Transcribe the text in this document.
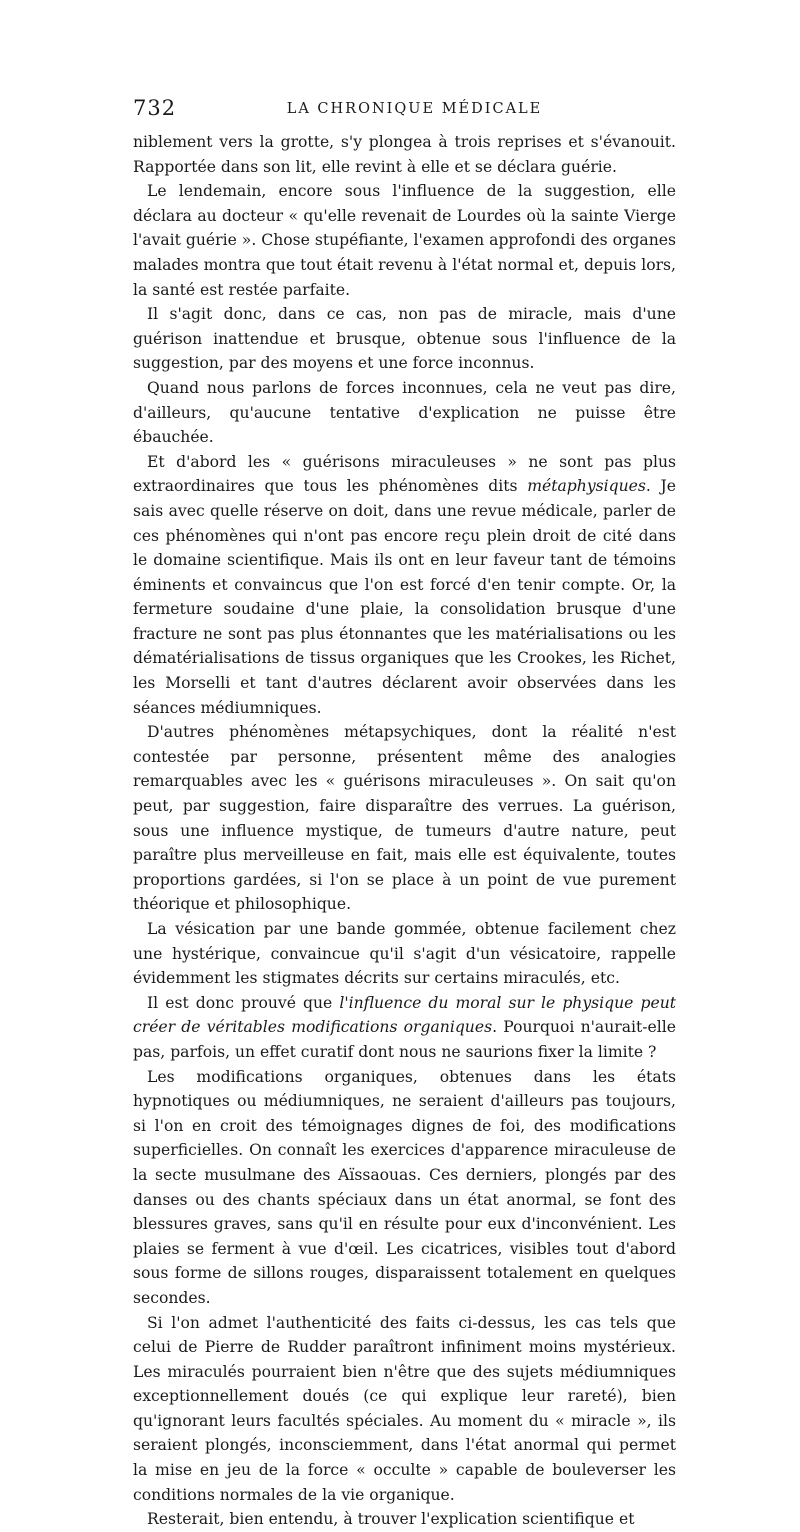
732	LA CHRONIQUE MÉDICALE

niblement vers la grotte, s'y plongea à trois reprises et s'évanouit. Rapportée dans son lit, elle revint à elle et se déclara guérie.

Le lendemain, encore sous l'influence de la suggestion, elle déclara au docteur « qu'elle revenait de Lourdes où la sainte Vierge l'avait guérie ». Chose stupéfiante, l'examen approfondi des organes malades montra que tout était revenu à l'état normal et, depuis lors, la santé est restée parfaite.

Il s'agit donc, dans ce cas, non pas de miracle, mais d'une guérison inattendue et brusque, obtenue sous l'influence de la suggestion, par des moyens et une force inconnus.

Quand nous parlons de forces inconnues, cela ne veut pas dire, d'ailleurs, qu'aucune tentative d'explication ne puisse être ébauchée.

Et d'abord les « guérisons miraculeuses » ne sont pas plus extraordinaires que tous les phénomènes dits métaphysiques. Je sais avec quelle réserve on doit, dans une revue médicale, parler de ces phénomènes qui n'ont pas encore reçu plein droit de cité dans le domaine scientifique. Mais ils ont en leur faveur tant de témoins éminents et convaincus que l'on est forcé d'en tenir compte. Or, la fermeture soudaine d'une plaie, la consolidation brusque d'une fracture ne sont pas plus étonnantes que les matérialisations ou les dématérialisations de tissus organiques que les Crookes, les Richet, les Morselli et tant d'autres déclarent avoir observées dans les séances médiumniques.

D'autres phénomènes métapsychiques, dont la réalité n'est contestée par personne, présentent même des analogies remarquables avec les « guérisons miraculeuses ». On sait qu'on peut, par suggestion, faire disparaître des verrues. La guérison, sous une influence mystique, de tumeurs d'autre nature, peut paraître plus merveilleuse en fait, mais elle est équivalente, toutes proportions gardées, si l'on se place à un point de vue purement théorique et philosophique.

La vésication par une bande gommée, obtenue facilement chez une hystérique, convaincue qu'il s'agit d'un vésicatoire, rappelle évidemment les stigmates décrits sur certains miraculés, etc.

Il est donc prouvé que l'influence du moral sur le physique peut créer de véritables modifications organiques. Pourquoi n'aurait-elle pas, parfois, un effet curatif dont nous ne saurions fixer la limite ?

Les modifications organiques, obtenues dans les états hypnotiques ou médiumniques, ne seraient d'ailleurs pas toujours, si l'on en croit des témoignages dignes de foi, des modifications superficielles. On connaît les exercices d'apparence miraculeuse de la secte musulmane des Aïssaouas. Ces derniers, plongés par des danses ou des chants spéciaux dans un état anormal, se font des blessures graves, sans qu'il en résulte pour eux d'inconvénient. Les plaies se ferment à vue d'œil. Les cicatrices, visibles tout d'abord sous forme de sillons rouges, disparaissent totalement en quelques secondes.

Si l'on admet l'authenticité des faits ci-dessus, les cas tels que celui de Pierre de Rudder paraîtront infiniment moins mystérieux. Les miraculés pourraient bien n'être que des sujets médiumniques exceptionnellement doués (ce qui explique leur rareté), bien qu'ignorant leurs facultés spéciales. Au moment du « miracle », ils seraient plongés, inconsciemment, dans l'état anormal qui permet la mise en jeu de la force « occulte » capable de bouleverser les conditions normales de la vie organique.

Resterait, bien entendu, à trouver l'explication scientifique et
